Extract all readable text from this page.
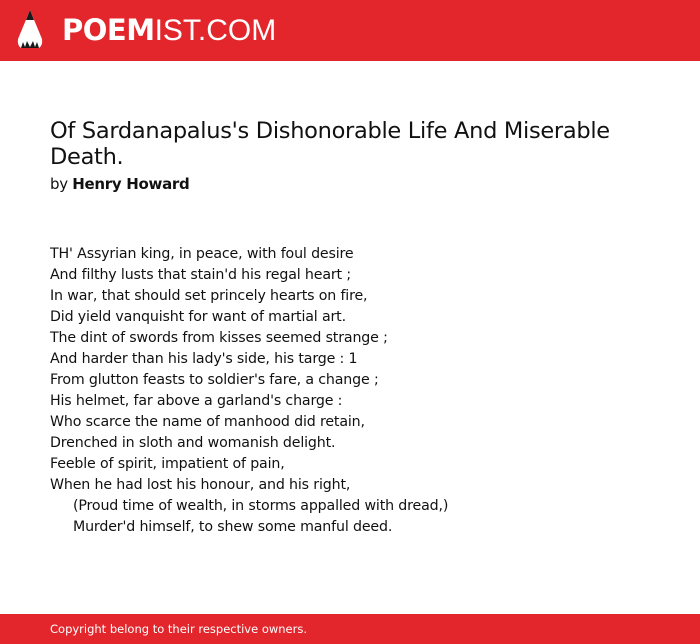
POEMIST.COM
Of Sardanapalus's Dishonorable Life And Miserable Death.
by Henry Howard
TH' Assyrian king, in peace, with foul desire
And filthy lusts that stain'd his regal heart ;
In war, that should set princely hearts on fire,
Did yield vanquisht for want of martial art.
The dint of swords from kisses seemed strange ;
And harder than his lady's side, his targe : 1
From glutton feasts to soldier's fare, a change ;
His helmet, far above a garland's charge :
Who scarce the name of manhood did retain,
Drenched in sloth and womanish delight.
Feeble of spirit, impatient of pain,
When he had lost his honour, and his right,
(Proud time of wealth, in storms appalled with dread,)
Murder'd himself, to shew some manful deed.
Copyright belong to their respective owners.
